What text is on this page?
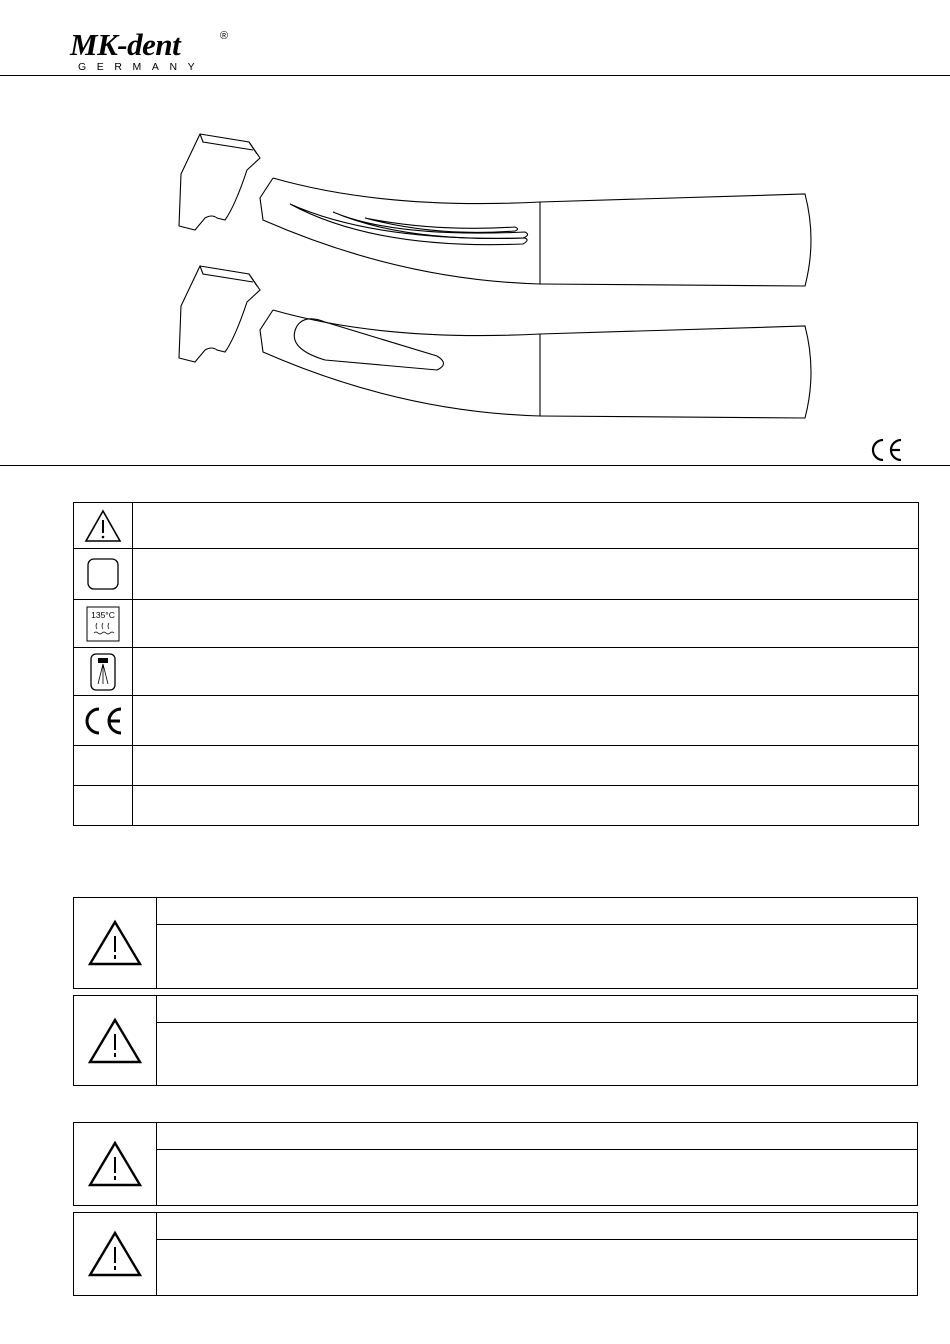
MK-dent	®
GERMANY

135°C	
